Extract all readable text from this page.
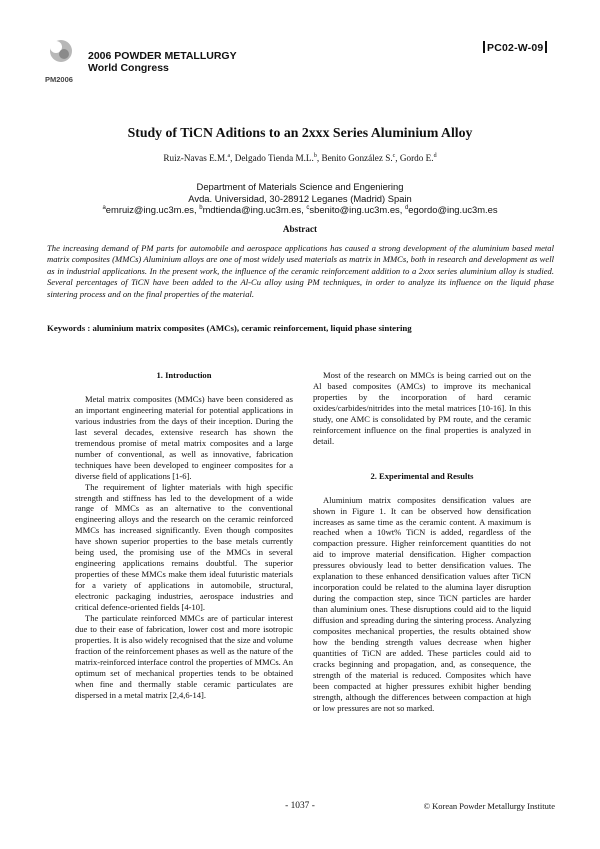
PM2006
2006 POWDER METALLURGY
World Congress
PC02-W-09
Study of TiCN Aditions to an 2xxx Series Aluminium Alloy
Ruiz-Navas E.M.$^a$, Delgado Tienda M.L.$^b$, Benito González S.$^c$, Gordo E.$^d$
Department of Materials Science and Engeniering
Avda. Universidad, 30-28912 Leganes (Madrid) Spain
$^a$emruiz@ing.uc3m.es, $^b$mdtienda@ing.uc3m.es, $^c$sbenito@ing.uc3m.es, $^d$egordo@ing.uc3m.es
Abstract
The increasing demand of PM parts for automobile and aerospace applications has caused a strong development of the aluminium based metal matrix composites (MMCs) Aluminium alloys are one of most widely used materials as matrix in MMCs, both in research and development as well as in industrial applications. In the present work, the influence of the ceramic reinforcement addition to a 2xxx series aluminium alloy is studied. Several percentages of TiCN have been added to the Al-Cu alloy using PM techniques, in order to analyze its influence on the liquid phase sintering process and on the final properties of the material.
Keywords : aluminium matrix composites (AMCs), ceramic reinforcement, liquid phase sintering
1. Introduction

Metal matrix composites (MMCs) have been considered as an important engineering material for potential applications in various industries from the days of their inception. During the last several decades, extensive research has shown the tremendous promise of metal matrix composites and a large number of conventional, as well as innovative, fabrication techniques have been developed to engineer composites for a diverse field of applications [1-6].

The requirement of lighter materials with high specific strength and stiffness has led to the development of a wide range of MMCs as an alternative to the conventional engineering alloys and the research on the ceramic reinforced MMCs has increased significantly. Even though composites have shown superior properties to the base metals currently being used, the promising use of the MMCs in several engineering applications remains doubtful. The superior properties of these MMCs make them ideal futuristic materials for a variety of applications in automobile, structural, electronic packaging industries, aerospace industries and critical defence-oriented fields [4-10].

The particulate reinforced MMCs are of particular interest due to their ease of fabrication, lower cost and more isotropic properties. It is also widely recognised that the size and volume fraction of the reinforcement phases as well as the nature of the matrix-reinforced interface control the properties of MMCs. An optimum set of mechanical properties tends to be obtained when fine and thermally stable ceramic particulates are dispersed in a metal matrix [2,4,6-14].

Most of the research on MMCs is being carried out on the Al based composites (AMCs) to improve its mechanical properties by the incorporation of hard ceramic oxides/carbides/nitrides into the metal matrices [10-16]. In this study, one AMC is consolidated by PM route, and the ceramic reinforcement influence on the final properties is analyzed in detail.

2. Experimental and Results

Aluminium matrix composites densification values are shown in Figure 1. It can be observed how densification increases as same time as the ceramic content. A maximum is reached when a 10wt% TiCN is added, regardless of the compaction pressure. Higher reinforcement quantities do not aid to improve material densification. Higher compaction pressures obviously lead to better densification values. The explanation to these enhanced densification values after TiCN incorporation could be related to the alumina layer disruption during the compaction step, since TiCN particles are harder than aluminium ones. These disruptions could aid to the liquid diffusion and spreading during the sintering process. Analyzing composites mechanical properties, the results obtained show how the bending strength values decrease when higher quantities of TiCN are added. These particles could aid to cracks beginning and propagation, and, as consequence, the strength of the material is reduced. Composites which have been compacted at higher pressures exhibit higher bending strength, although the differences between compaction at high or low pressures are not so marked.

- 1037 -	© Korean Powder Metallurgy Institute
